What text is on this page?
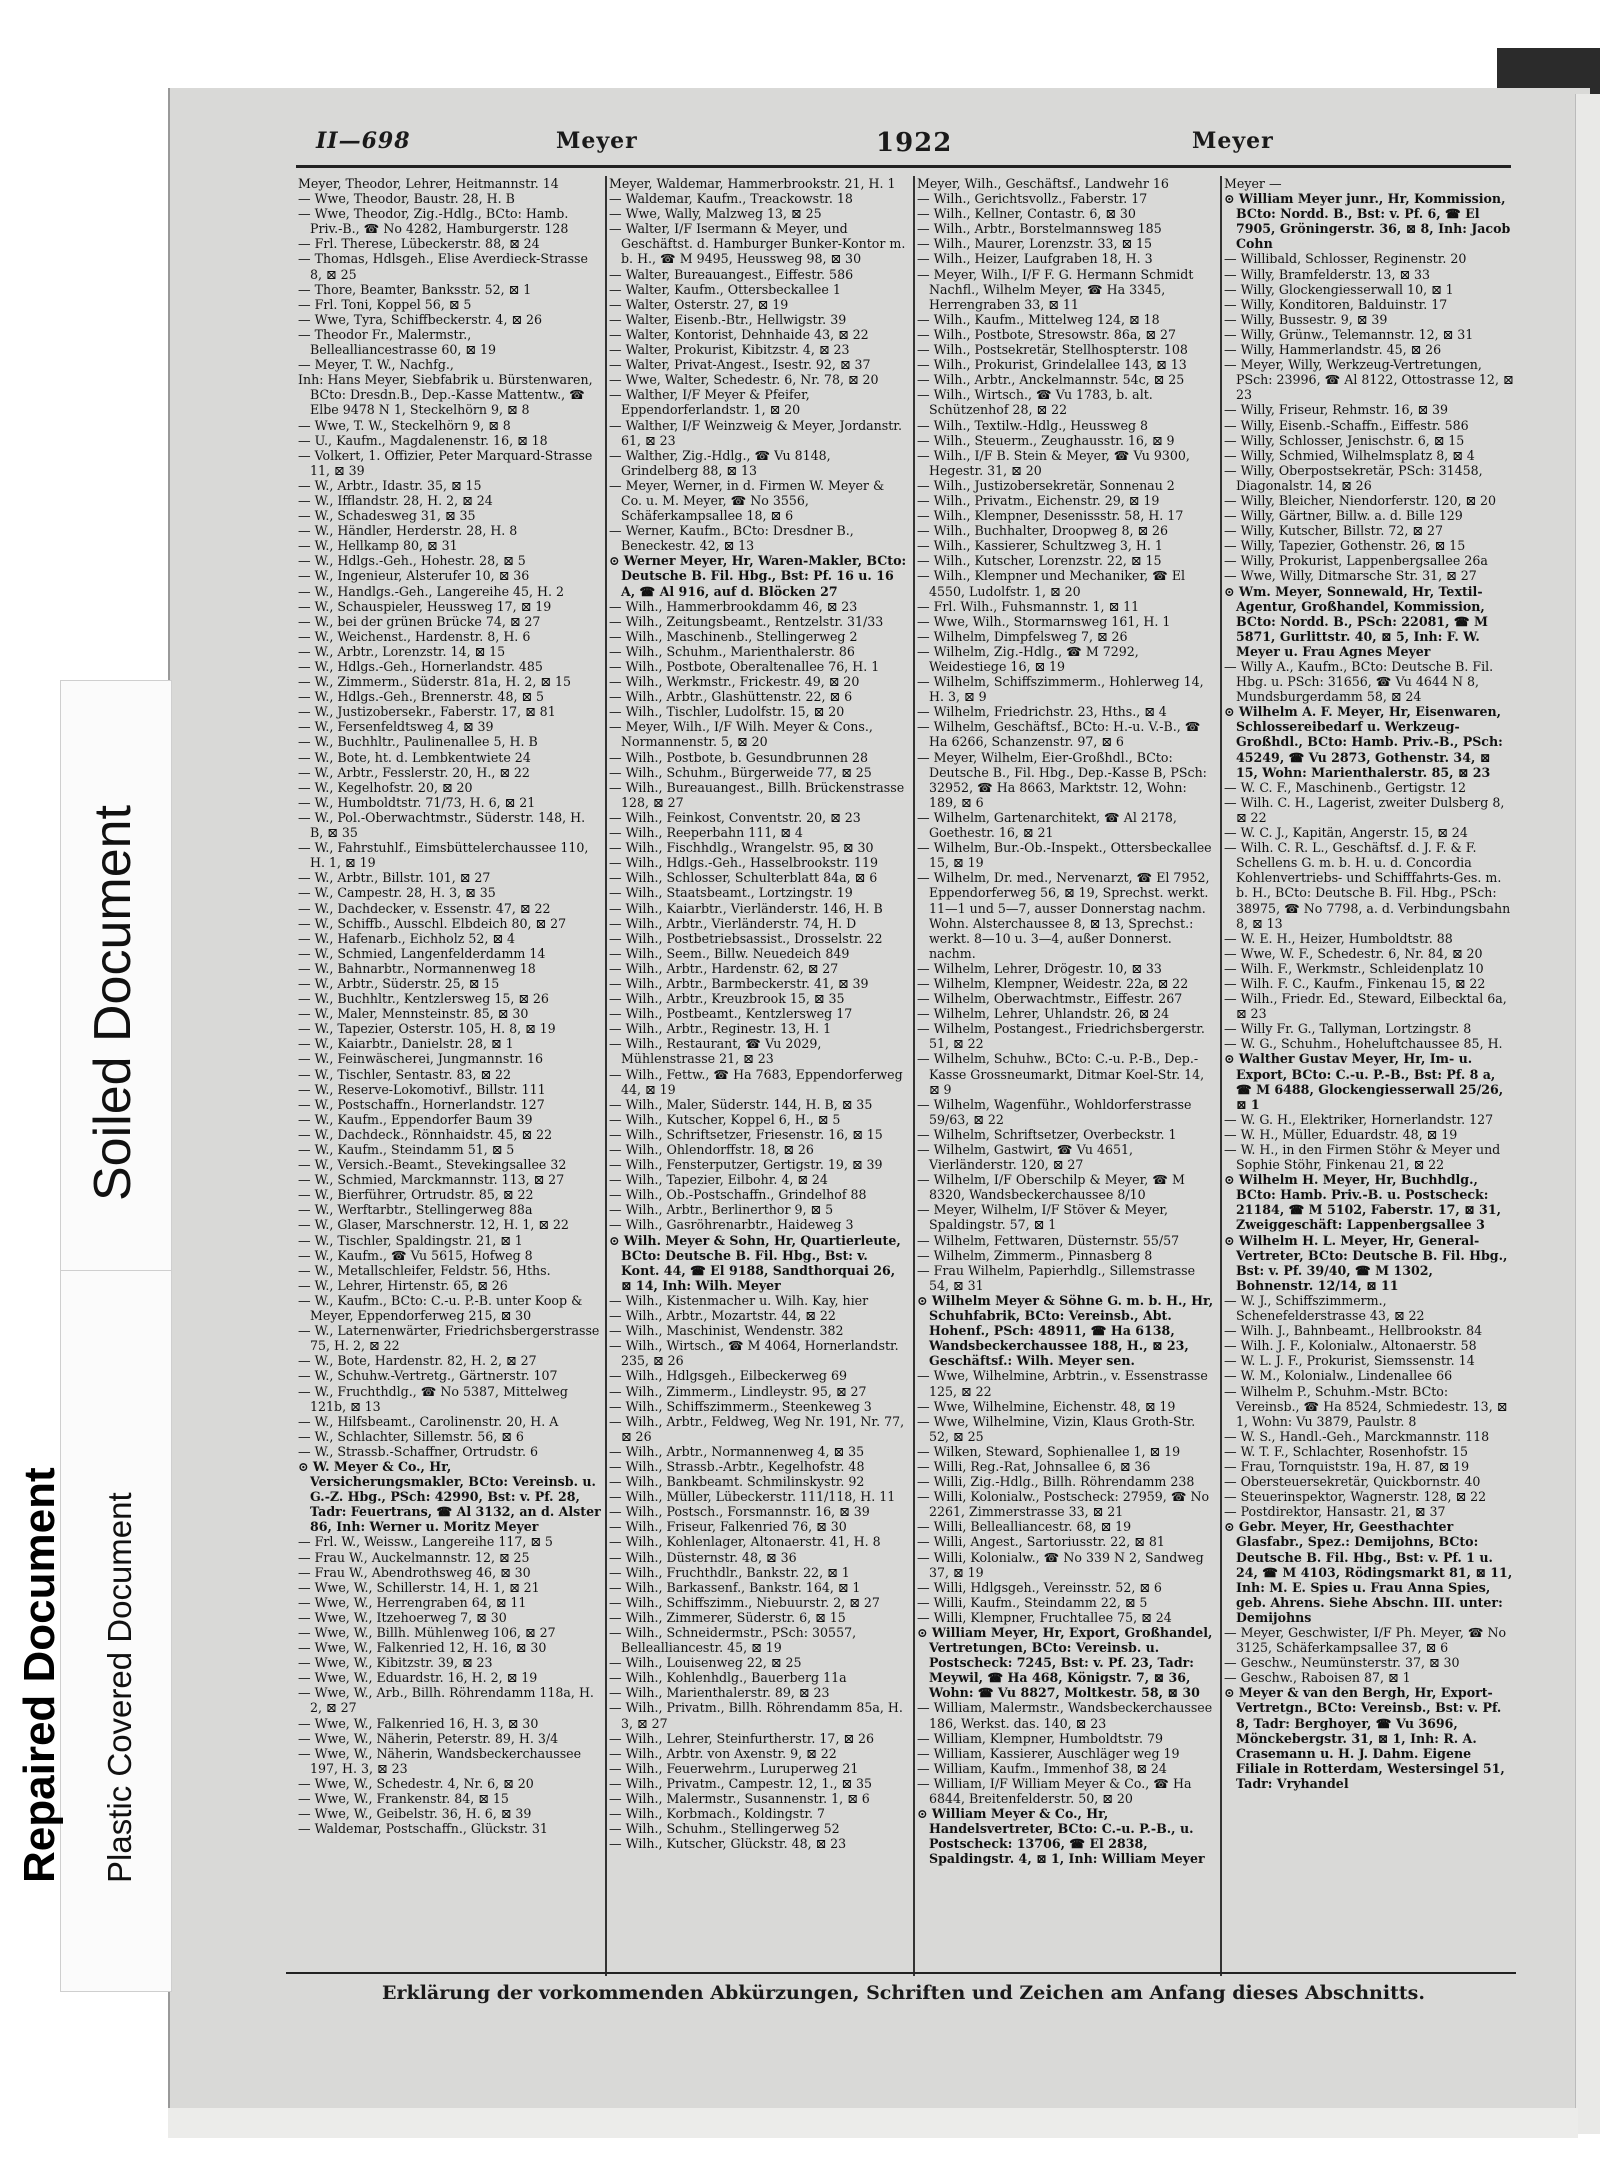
Soiled Document
Repaired Document Plastic Covered Document
II—698	Meyer	1922	Meyer

Meyer, Theodor, Lehrer, Heitmannstr. 14

— Wwe, Theodor, Baustr. 28, H. B

— Wwe, Theodor, Zig.-Hdlg., BCto: Hamb. Priv.-B., ☎ No 4282, Hamburgerstr. 128

— Frl. Therese, Lübeckerstr. 88, ⊠ 24

— Thomas, Hdlsgeh., Elise Averdieck-Strasse 8, ⊠ 25

— Thore, Beamter, Banksstr. 52, ⊠ 1

— Frl. Toni, Koppel 56, ⊠ 5

— Wwe, Tyra, Schiffbeckerstr. 4, ⊠ 26

— Theodor Fr., Malermstr., Bellealliancestrasse 60, ⊠ 19

— Meyer, T. W., Nachfg.,

Inh: Hans Meyer, Siebfabrik u. Bürstenwaren, BCto: Dresdn.B., Dep.-Kasse Mattentw., ☎ Elbe 9478 N 1, Steckelhörn 9, ⊠ 8

— Wwe, T. W., Steckelhörn 9, ⊠ 8

— U., Kaufm., Magdalenenstr. 16, ⊠ 18

— Volkert, 1. Offizier, Peter Marquard-Strasse 11, ⊠ 39

— W., Arbtr., Idastr. 35, ⊠ 15

— W., Ifflandstr. 28, H. 2, ⊠ 24

— W., Schadesweg 31, ⊠ 35

— W., Händler, Herderstr. 28, H. 8

— W., Hellkamp 80, ⊠ 31

— W., Hdlgs.-Geh., Hohestr. 28, ⊠ 5

— W., Ingenieur, Alsterufer 10, ⊠ 36

— W., Handlgs.-Geh., Langereihe 45, H. 2

— W., Schauspieler, Heussweg 17, ⊠ 19

— W., bei der grünen Brücke 74, ⊠ 27

— W., Weichenst., Hardenstr. 8, H. 6

— W., Arbtr., Lorenzstr. 14, ⊠ 15

— W., Hdlgs.-Geh., Hornerlandstr. 485

— W., Zimmerm., Süderstr. 81a, H. 2, ⊠ 15

— W., Hdlgs.-Geh., Brennerstr. 48, ⊠ 5

— W., Justizobersekr., Faberstr. 17, ⊠ 81

— W., Fersenfeldtsweg 4, ⊠ 39

— W., Buchhltr., Paulinenallee 5, H. B

— W., Bote, ht. d. Lembkentwiete 24

— W., Arbtr., Fesslerstr. 20, H., ⊠ 22

— W., Kegelhofstr. 20, ⊠ 20

— W., Humboldtstr. 71/73, H. 6, ⊠ 21

— W., Pol.-Oberwachtmstr., Süderstr. 148, H. B, ⊠ 35

— W., Fahrstuhlf., Eimsbüttelerchaussee 110, H. 1, ⊠ 19

— W., Arbtr., Billstr. 101, ⊠ 27

— W., Campestr. 28, H. 3, ⊠ 35

— W., Dachdecker, v. Essenstr. 47, ⊠ 22

— W., Schiffb., Ausschl. Elbdeich 80, ⊠ 27

— W., Hafenarb., Eichholz 52, ⊠ 4

— W., Schmied, Langenfelderdamm 14

— W., Bahnarbtr., Normannenweg 18

— W., Arbtr., Süderstr. 25, ⊠ 15

— W., Buchhltr., Kentzlersweg 15, ⊠ 26

— W., Maler, Mennsteinstr. 85, ⊠ 30

— W., Tapezier, Osterstr. 105, H. 8, ⊠ 19

— W., Kaiarbtr., Danielstr. 28, ⊠ 1

— W., Feinwäscherei, Jungmannstr. 16

— W., Tischler, Sentastr. 83, ⊠ 22

— W., Reserve-Lokomotivf., Billstr. 111

— W., Postschaffn., Hornerlandstr. 127

— W., Kaufm., Eppendorfer Baum 39

— W., Dachdeck., Rönnhaidstr. 45, ⊠ 22

— W., Kaufm., Steindamm 51, ⊠ 5

— W., Versich.-Beamt., Stevekingsallee 32

— W., Schmied, Marckmannstr. 113, ⊠ 27

— W., Bierführer, Ortrudstr. 85, ⊠ 22

— W., Werftarbtr., Stellingerweg 88a

— W., Glaser, Marschnerstr. 12, H. 1, ⊠ 22

— W., Tischler, Spaldingstr. 21, ⊠ 1

— W., Kaufm., ☎ Vu 5615, Hofweg 8

— W., Metallschleifer, Feldstr. 56, Hths.

— W., Lehrer, Hirtenstr. 65, ⊠ 26

— W., Kaufm., BCto: C.-u. P.-B. unter Koop & Meyer, Eppendorferweg 215, ⊠ 30

— W., Laternenwärter, Friedrichsbergerstrasse 75, H. 2, ⊠ 22

— W., Bote, Hardenstr. 82, H. 2, ⊠ 27

— W., Schuhw.-Vertretg., Gärtnerstr. 107

— W., Fruchthdlg., ☎ No 5387, Mittelweg 121b, ⊠ 13

— W., Hilfsbeamt., Carolinenstr. 20, H. A

— W., Schlachter, Sillemstr. 56, ⊠ 6

— W., Strassb.-Schaffner, Ortrudstr. 6

⊙ W. Meyer & Co., Hr, Versicherungsmakler, BCto: Vereinsb. u. G.-Z. Hbg., PSch: 42990, Bst: v. Pf. 28, Tadr: Feuertrans, ☎ Al 3132, an d. Alster 86, Inh: Werner u. Moritz Meyer

— Frl. W., Weissw., Langereihe 117, ⊠ 5

— Frau W., Auckelmannstr. 12, ⊠ 25

— Frau W., Abendrothsweg 46, ⊠ 30

— Wwe, W., Schillerstr. 14, H. 1, ⊠ 21

— Wwe, W., Herrengraben 64, ⊠ 11

— Wwe, W., Itzehoerweg 7, ⊠ 30

— Wwe, W., Billh. Mühlenweg 106, ⊠ 27

— Wwe, W., Falkenried 12, H. 16, ⊠ 30

— Wwe, W., Kibitzstr. 39, ⊠ 23

— Wwe, W., Eduardstr. 16, H. 2, ⊠ 19

— Wwe, W., Arb., Billh. Röhrendamm 118a, H. 2, ⊠ 27

— Wwe, W., Falkenried 16, H. 3, ⊠ 30

— Wwe, W., Näherin, Peterstr. 89, H. 3/4

— Wwe, W., Näherin, Wandsbeckerchaussee 197, H. 3, ⊠ 23

— Wwe, W., Schedestr. 4, Nr. 6, ⊠ 20

— Wwe, W., Frankenstr. 84, ⊠ 15

— Wwe, W., Geibelstr. 36, H. 6, ⊠ 39

— Waldemar, Postschaffn., Glückstr. 31

Meyer, Waldemar, Hammerbrookstr. 21, H. 1

— Waldemar, Kaufm., Treackowstr. 18

— Wwe, Wally, Malzweg 13, ⊠ 25

— Walter, I/F Isermann & Meyer, und Geschäftst. d. Hamburger Bunker-Kontor m. b. H., ☎ M 9495, Heussweg 98, ⊠ 30

— Walter, Bureauangest., Eiffestr. 586

— Walter, Kaufm., Ottersbeckallee 1

— Walter, Osterstr. 27, ⊠ 19

— Walter, Eisenb.-Btr., Hellwigstr. 39

— Walter, Kontorist, Dehnhaide 43, ⊠ 22

— Walter, Prokurist, Kibitzstr. 4, ⊠ 23

— Walter, Privat-Angest., Isestr. 92, ⊠ 37

— Wwe, Walter, Schedestr. 6, Nr. 78, ⊠ 20

— Walther, I/F Meyer & Pfeifer, Eppendorferlandstr. 1, ⊠ 20

— Walther, I/F Weinzweig & Meyer, Jordanstr. 61, ⊠ 23

— Walther, Zig.-Hdlg., ☎ Vu 8148, Grindelberg 88, ⊠ 13

— Meyer, Werner, in d. Firmen W. Meyer & Co. u. M. Meyer, ☎ No 3556, Schäferkampsallee 18, ⊠ 6

— Werner, Kaufm., BCto: Dresdner B., Beneckestr. 42, ⊠ 13

⊙ Werner Meyer, Hr, Waren-Makler, BCto: Deutsche B. Fil. Hbg., Bst: Pf. 16 u. 16 A, ☎ Al 916, auf d. Blöcken 27

— Wilh., Hammerbrookdamm 46, ⊠ 23

— Wilh., Zeitungsbeamt., Rentzelstr. 31/33

— Wilh., Maschinenb., Stellingerweg 2

— Wilh., Schuhm., Marienthalerstr. 86

— Wilh., Postbote, Oberaltenallee 76, H. 1

— Wilh., Werkmstr., Frickestr. 49, ⊠ 20

— Wilh., Arbtr., Glashüttenstr. 22, ⊠ 6

— Wilh., Tischler, Ludolfstr. 15, ⊠ 20

— Meyer, Wilh., I/F Wilh. Meyer & Cons., Normannenstr. 5, ⊠ 20

— Wilh., Postbote, b. Gesundbrunnen 28

— Wilh., Schuhm., Bürgerweide 77, ⊠ 25

— Wilh., Bureauangest., Billh. Brückenstrasse 128, ⊠ 27

— Wilh., Feinkost, Conventstr. 20, ⊠ 23

— Wilh., Reeperbahn 111, ⊠ 4

— Wilh., Fischhdlg., Wrangelstr. 95, ⊠ 30

— Wilh., Hdlgs.-Geh., Hasselbrookstr. 119

— Wilh., Schlosser, Schulterblatt 84a, ⊠ 6

— Wilh., Staatsbeamt., Lortzingstr. 19

— Wilh., Kaiarbtr., Vierländerstr. 146, H. B

— Wilh., Arbtr., Vierländerstr. 74, H. D

— Wilh., Postbetriebsassist., Drosselstr. 22

— Wilh., Seem., Billw. Neuedeich 849

— Wilh., Arbtr., Hardenstr. 62, ⊠ 27

— Wilh., Arbtr., Barmbeckerstr. 41, ⊠ 39

— Wilh., Arbtr., Kreuzbrook 15, ⊠ 35

— Wilh., Postbeamt., Kentzlersweg 17

— Wilh., Arbtr., Reginestr. 13, H. 1

— Wilh., Restaurant, ☎ Vu 2029, Mühlenstrasse 21, ⊠ 23

— Wilh., Fettw., ☎ Ha 7683, Eppendorferweg 44, ⊠ 19

— Wilh., Maler, Süderstr. 144, H. B, ⊠ 35

— Wilh., Kutscher, Koppel 6, H., ⊠ 5

— Wilh., Schriftsetzer, Friesenstr. 16, ⊠ 15

— Wilh., Ohlendorffstr. 18, ⊠ 26

— Wilh., Fensterputzer, Gertigstr. 19, ⊠ 39

— Wilh., Tapezier, Eilbohr. 4, ⊠ 24

— Wilh., Ob.-Postschaffn., Grindelhof 88

— Wilh., Arbtr., Berlinerthor 9, ⊠ 5

— Wilh., Gasröhrenarbtr., Haideweg 3

⊙ Wilh. Meyer & Sohn, Hr, Quartierleute, BCto: Deutsche B. Fil. Hbg., Bst: v. Kont. 44, ☎ El 9188, Sandthorquai 26, ⊠ 14, Inh: Wilh. Meyer

— Wilh., Kistenmacher u. Wilh. Kay, hier

— Wilh., Arbtr., Mozartstr. 44, ⊠ 22

— Wilh., Maschinist, Wendenstr. 382

— Wilh., Wirtsch., ☎ M 4064, Hornerlandstr. 235, ⊠ 26

— Wilh., Hdlgsgeh., Eilbeckerweg 69

— Wilh., Zimmerm., Lindleystr. 95, ⊠ 27

— Wilh., Schiffszimmerm., Steenkeweg 3

— Wilh., Arbtr., Feldweg, Weg Nr. 191, Nr. 77, ⊠ 26

— Wilh., Arbtr., Normannenweg 4, ⊠ 35

— Wilh., Strassb.-Arbtr., Kegelhofstr. 48

— Wilh., Bankbeamt. Schmilinskystr. 92

— Wilh., Müller, Lübeckerstr. 111/118, H. 11

— Wilh., Postsch., Forsmannstr. 16, ⊠ 39

— Wilh., Friseur, Falkenried 76, ⊠ 30

— Wilh., Kohlenlager, Altonaerstr. 41, H. 8

— Wilh., Düsternstr. 48, ⊠ 36

— Wilh., Fruchthdlr., Bankstr. 22, ⊠ 1

— Wilh., Barkassenf., Bankstr. 164, ⊠ 1

— Wilh., Schiffszimm., Niebuurstr. 2, ⊠ 27

— Wilh., Zimmerer, Süderstr. 6, ⊠ 15

— Wilh., Schneidermstr., PSch: 30557, Bellealliancestr. 45, ⊠ 19

— Wilh., Louisenweg 22, ⊠ 25

— Wilh., Kohlenhdlg., Bauerberg 11a

— Wilh., Marienthalerstr. 89, ⊠ 23

— Wilh., Privatm., Billh. Röhrendamm 85a, H. 3, ⊠ 27

— Wilh., Lehrer, Steinfurtherstr. 17, ⊠ 26

— Wilh., Arbtr. von Axenstr. 9, ⊠ 22

— Wilh., Feuerwehrm., Luruperweg 21

— Wilh., Privatm., Campestr. 12, 1., ⊠ 35

— Wilh., Malermstr., Susannenstr. 1, ⊠ 6

— Wilh., Korbmach., Koldingstr. 7

— Wilh., Schuhm., Stellingerweg 52

— Wilh., Kutscher, Glückstr. 48, ⊠ 23

Meyer, Wilh., Geschäftsf., Landwehr 16

— Wilh., Gerichtsvollz., Faberstr. 17

— Wilh., Kellner, Contastr. 6, ⊠ 30

— Wilh., Arbtr., Borstelmannsweg 185

— Wilh., Maurer, Lorenzstr. 33, ⊠ 15

— Wilh., Heizer, Laufgraben 18, H. 3

— Meyer, Wilh., I/F F. G. Hermann Schmidt Nachfl., Wilhelm Meyer, ☎ Ha 3345, Herrengraben 33, ⊠ 11

— Wilh., Kaufm., Mittelweg 124, ⊠ 18

— Wilh., Postbote, Stresowstr. 86a, ⊠ 27

— Wilh., Postsekretär, Stellhospterstr. 108

— Wilh., Prokurist, Grindelallee 143, ⊠ 13

— Wilh., Arbtr., Anckelmannstr. 54c, ⊠ 25

— Wilh., Wirtsch., ☎ Vu 1783, b. alt. Schützenhof 28, ⊠ 22

— Wilh., Textilw.-Hdlg., Heussweg 8

— Wilh., Steuerm., Zeughausstr. 16, ⊠ 9

— Wilh., I/F B. Stein & Meyer, ☎ Vu 9300, Hegestr. 31, ⊠ 20

— Wilh., Justizobersekretär, Sonnenau 2

— Wilh., Privatm., Eichenstr. 29, ⊠ 19

— Wilh., Klempner, Desenissstr. 58, H. 17

— Wilh., Buchhalter, Droopweg 8, ⊠ 26

— Wilh., Kassierer, Schultzweg 3, H. 1

— Wilh., Kutscher, Lorenzstr. 22, ⊠ 15

— Wilh., Klempner und Mechaniker, ☎ El 4550, Ludolfstr. 1, ⊠ 20

— Frl. Wilh., Fuhsmannstr. 1, ⊠ 11

— Wwe, Wilh., Stormarnsweg 161, H. 1

— Wilhelm, Dimpfelsweg 7, ⊠ 26

— Wilhelm, Zig.-Hdlg., ☎ M 7292, Weidestiege 16, ⊠ 19

— Wilhelm, Schiffszimmerm., Hohlerweg 14, H. 3, ⊠ 9

— Wilhelm, Friedrichstr. 23, Hths., ⊠ 4

— Wilhelm, Geschäftsf., BCto: H.-u. V.-B., ☎ Ha 6266, Schanzenstr. 97, ⊠ 6

— Meyer, Wilhelm, Eier-Großhdl., BCto: Deutsche B., Fil. Hbg., Dep.-Kasse B, PSch: 32952, ☎ Ha 8663, Marktstr. 12, Wohn: 189, ⊠ 6

— Wilhelm, Gartenarchitekt, ☎ Al 2178, Goethestr. 16, ⊠ 21

— Wilhelm, Bur.-Ob.-Inspekt., Ottersbeckallee 15, ⊠ 19

— Wilhelm, Dr. med., Nervenarzt, ☎ El 7952, Eppendorferweg 56, ⊠ 19, Sprechst. werkt. 11—1 und 5—7, ausser Donnerstag nachm. Wohn. Alsterchaussee 8, ⊠ 13, Sprechst.: werkt. 8—10 u. 3—4, außer Donnerst. nachm.

— Wilhelm, Lehrer, Drögestr. 10, ⊠ 33

— Wilhelm, Klempner, Weidestr. 22a, ⊠ 22

— Wilhelm, Oberwachtmstr., Eiffestr. 267

— Wilhelm, Lehrer, Uhlandstr. 26, ⊠ 24

— Wilhelm, Postangest., Friedrichsbergerstr. 51, ⊠ 22

— Wilhelm, Schuhw., BCto: C.-u. P.-B., Dep.-Kasse Grossneumarkt, Ditmar Koel-Str. 14, ⊠ 9

— Wilhelm, Wagenführ., Wohldorferstrasse 59/63, ⊠ 22

— Wilhelm, Schriftsetzer, Overbeckstr. 1

— Wilhelm, Gastwirt, ☎ Vu 4651, Vierländerstr. 120, ⊠ 27

— Wilhelm, I/F Oberschilp & Meyer, ☎ M 8320, Wandsbeckerchaussee 8/10

— Meyer, Wilhelm, I/F Stöver & Meyer, Spaldingstr. 57, ⊠ 1

— Wilhelm, Fettwaren, Düsternstr. 55/57

— Wilhelm, Zimmerm., Pinnasberg 8

— Frau Wilhelm, Papierhdlg., Sillemstrasse 54, ⊠ 31

⊙ Wilhelm Meyer & Söhne G. m. b. H., Hr, Schuhfabrik, BCto: Vereinsb., Abt. Hohenf., PSch: 48911, ☎ Ha 6138, Wandsbeckerchaussee 188, H., ⊠ 23, Geschäftsf.: Wilh. Meyer sen.

— Wwe, Wilhelmine, Arbtrin., v. Essenstrasse 125, ⊠ 22

— Wwe, Wilhelmine, Eichenstr. 48, ⊠ 19

— Wwe, Wilhelmine, Vizin, Klaus Groth-Str. 52, ⊠ 25

— Wilken, Steward, Sophienallee 1, ⊠ 19

— Willi, Reg.-Rat, Johnsallee 6, ⊠ 36

— Willi, Zig.-Hdlg., Billh. Röhrendamm 238

— Willi, Kolonialw., Postscheck: 27959, ☎ No 2261, Zimmerstrasse 33, ⊠ 21

— Willi, Bellealliancestr. 68, ⊠ 19

— Willi, Angest., Sartoriusstr. 22, ⊠ 81

— Willi, Kolonialw., ☎ No 339 N 2, Sandweg 37, ⊠ 19

— Willi, Hdlgsgeh., Vereinsstr. 52, ⊠ 6

— Willi, Kaufm., Steindamm 22, ⊠ 5

— Willi, Klempner, Fruchtallee 75, ⊠ 24

⊙ William Meyer, Hr, Export, Großhandel, Vertretungen, BCto: Vereinsb. u. Postscheck: 7245, Bst: v. Pf. 23, Tadr: Meywil, ☎ Ha 468, Königstr. 7, ⊠ 36, Wohn: ☎ Vu 8827, Moltkestr. 58, ⊠ 30

— William, Malermstr., Wandsbeckerchaussee 186, Werkst. das. 140, ⊠ 23

— William, Klempner, Humboldtstr. 79

— William, Kassierer, Auschläger weg 19

— William, Kaufm., Immenhof 38, ⊠ 24

— William, I/F William Meyer & Co., ☎ Ha 6844, Breitenfelderstr. 50, ⊠ 20

⊙ William Meyer & Co., Hr, Handelsvertreter, BCto: C.-u. P.-B., u. Postscheck: 13706, ☎ El 2838, Spaldingstr. 4, ⊠ 1, Inh: William Meyer

Meyer —

⊙ William Meyer junr., Hr, Kommission, BCto: Nordd. B., Bst: v. Pf. 6, ☎ El 7905, Gröningerstr. 36, ⊠ 8, Inh: Jacob Cohn

— Willibald, Schlosser, Reginenstr. 20

— Willy, Bramfelderstr. 13, ⊠ 33

— Willy, Glockengiesserwall 10, ⊠ 1

— Willy, Konditoren, Balduinstr. 17

— Willy, Bussestr. 9, ⊠ 39

— Willy, Grünw., Telemannstr. 12, ⊠ 31

— Willy, Hammerlandstr. 45, ⊠ 26

— Meyer, Willy, Werkzeug-Vertretungen, PSch: 23996, ☎ Al 8122, Ottostrasse 12, ⊠ 23

— Willy, Friseur, Rehmstr. 16, ⊠ 39

— Willy, Eisenb.-Schaffn., Eiffestr. 586

— Willy, Schlosser, Jenischstr. 6, ⊠ 15

— Willy, Schmied, Wilhelmsplatz 8, ⊠ 4

— Willy, Oberpostsekretär, PSch: 31458, Diagonalstr. 14, ⊠ 26

— Willy, Bleicher, Niendorferstr. 120, ⊠ 20

— Willy, Gärtner, Billw. a. d. Bille 129

— Willy, Kutscher, Billstr. 72, ⊠ 27

— Willy, Tapezier, Gothenstr. 26, ⊠ 15

— Willy, Prokurist, Lappenbergsallee 26a

— Wwe, Willy, Ditmarsche Str. 31, ⊠ 27

⊙ Wm. Meyer, Sonnewald, Hr, Textil-Agentur, Großhandel, Kommission, BCto: Nordd. B., PSch: 22081, ☎ M 5871, Gurlittstr. 40, ⊠ 5, Inh: F. W. Meyer u. Frau Agnes Meyer

— Willy A., Kaufm., BCto: Deutsche B. Fil. Hbg. u. PSch: 31656, ☎ Vu 4644 N 8, Mundsburgerdamm 58, ⊠ 24

⊙ Wilhelm A. F. Meyer, Hr, Eisenwaren, Schlossereibedarf u. Werkzeug-Großhdl., BCto: Hamb. Priv.-B., PSch: 45249, ☎ Vu 2873, Gothenstr. 34, ⊠ 15, Wohn: Marienthalerstr. 85, ⊠ 23

— W. C. F., Maschinenb., Gertigstr. 12

— Wilh. C. H., Lagerist, zweiter Dulsberg 8, ⊠ 22

— W. C. J., Kapitän, Angerstr. 15, ⊠ 24

— Wilh. C. R. L., Geschäftsf. d. J. F. & F. Schellens G. m. b. H. u. d. Concordia Kohlenvertriebs- und Schifffahrts-Ges. m. b. H., BCto: Deutsche B. Fil. Hbg., PSch: 38975, ☎ No 7798, a. d. Verbindungsbahn 8, ⊠ 13

— W. E. H., Heizer, Humboldtstr. 88

— Wwe, W. F., Schedestr. 6, Nr. 84, ⊠ 20

— Wilh. F., Werkmstr., Schleidenplatz 10

— Wilh. F. C., Kaufm., Finkenau 15, ⊠ 22

— Wilh., Friedr. Ed., Steward, Eilbecktal 6a, ⊠ 23

— Willy Fr. G., Tallyman, Lortzingstr. 8

— W. G., Schuhm., Hoheluftchaussee 85, H.

⊙ Walther Gustav Meyer, Hr, Im- u. Export, BCto: C.-u. P.-B., Bst: Pf. 8 a, ☎ M 6488, Glockengiesserwall 25/26, ⊠ 1

— W. G. H., Elektriker, Hornerlandstr. 127

— W. H., Müller, Eduardstr. 48, ⊠ 19

— W. H., in den Firmen Stöhr & Meyer und Sophie Stöhr, Finkenau 21, ⊠ 22

⊙ Wilhelm H. Meyer, Hr, Buchhdlg., BCto: Hamb. Priv.-B. u. Postscheck: 21184, ☎ M 5102, Faberstr. 17, ⊠ 31, Zweiggeschäft: Lappenbergsallee 3

⊙ Wilhelm H. L. Meyer, Hr, General-Vertreter, BCto: Deutsche B. Fil. Hbg., Bst: v. Pf. 39/40, ☎ M 1302, Bohnenstr. 12/14, ⊠ 11

— W. J., Schiffszimmerm., Schenefelderstrasse 43, ⊠ 22

— Wilh. J., Bahnbeamt., Hellbrookstr. 84

— Wilh. J. F., Kolonialw., Altonaerstr. 58

— W. L. J. F., Prokurist, Siemssenstr. 14

— W. M., Kolonialw., Lindenallee 66

— Wilhelm P., Schuhm.-Mstr. BCto: Vereinsb., ☎ Ha 8524, Schmiedestr. 13, ⊠ 1, Wohn: Vu 3879, Paulstr. 8

— W. S., Handl.-Geh., Marckmannstr. 118

— W. T. F., Schlachter, Rosenhofstr. 15

— Frau, Tornquiststr. 19a, H. 87, ⊠ 19

— Obersteuersekretär, Quickbornstr. 40

— Steuerinspektor, Wagnerstr. 128, ⊠ 22

— Postdirektor, Hansastr. 21, ⊠ 37

⊙ Gebr. Meyer, Hr, Geesthachter Glasfabr., Spez.: Demijohns, BCto: Deutsche B. Fil. Hbg., Bst: v. Pf. 1 u. 24, ☎ M 4103, Rödingsmarkt 81, ⊠ 11, Inh: M. E. Spies u. Frau Anna Spies, geb. Ahrens. Siehe Abschn. III. unter: Demijohns

— Meyer, Geschwister, I/F Ph. Meyer, ☎ No 3125, Schäferkampsallee 37, ⊠ 6

— Geschw., Neumünsterstr. 37, ⊠ 30

— Geschw., Raboisen 87, ⊠ 1

⊙ Meyer & van den Bergh, Hr, Export-Vertretgn., BCto: Vereinsb., Bst: v. Pf. 8, Tadr: Berghoyer, ☎ Vu 3696, Mönckebergstr. 31, ⊠ 1, Inh: R. A. Crasemann u. H. J. Dahm. Eigene Filiale in Rotterdam, Westersingel 51, Tadr: Vryhandel

Erklärung der vorkommenden Abkürzungen, Schriften und Zeichen am Anfang dieses Abschnitts.
